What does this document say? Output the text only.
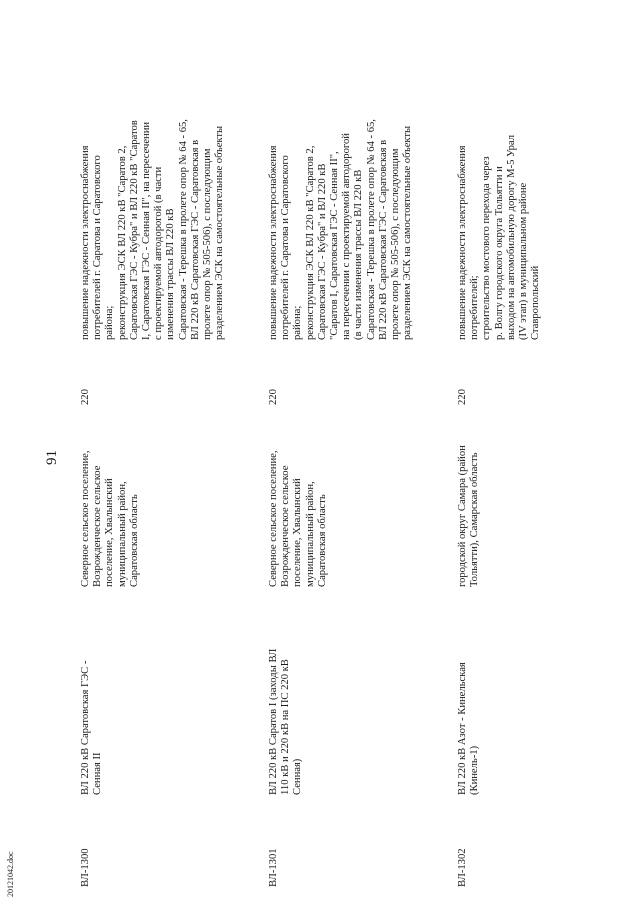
20121042.doc
91
ВЛ-1300
ВЛ 220 кВ Саратовская ГЭС - Сенная II
Северное сельское поселение, Возрожденческое сельское поселение, Хвалынский муниципальный район, Саратовская область
220
повышение надежности электроснабжения потребителей г. Саратова и Саратовского района; реконструкция ЭСК ВЛ 220 кВ "Саратов 2, Саратовская ГЭС - Кубра" и ВЛ 220 кВ "Саратов I, Саратовская ГЭС - Сенная II", на пересечении с проектируемой автодорогой (в части изменения трассы ВЛ 220 кВ Саратовская - Терешка в пролете опор № 64 - 65, ВЛ 220 кВ Саратовская ГЭС - Саратовская в пролете опор № 505-506), с последующим разделением ЭСК на самостоятельные объекты
ВЛ-1301
ВЛ 220 кВ Саратов I (заходы ВЛ 110 кВ и 220 кВ на ПС 220 кВ Сенная)
Северное сельское поселение, Возрожденческое сельское поселение, Хвалынский муниципальный район, Саратовская область
220
повышение надежности электроснабжения потребителей г. Саратова и Саратовского района; реконструкция ЭСК ВЛ 220 кВ "Саратов 2, Саратовская ГЭС - Кубра" и ВЛ 220 кВ "Саратов I, Саратовская ГЭС - Сенная II", на пересечении с проектируемой автодорогой (в части изменения трассы ВЛ 220 кВ Саратовская - Терешка в пролете опор № 64 - 65, ВЛ 220 кВ Саратовская ГЭС - Саратовская в пролете опор № 505-506), с последующим разделением ЭСК на самостоятельные объекты
ВЛ-1302
ВЛ 220 кВ Азот - Кинельская (Кинель-1)
городской округ Самара (район Тольятти), Самарская область
220
повышение надежности электроснабжения потребителей; строительство мостового перехода через р. Волгу городского округа Тольятти и выходом на автомобильную дорогу М-5 Урал (IV этап) в муниципальном районе Ставропольский
